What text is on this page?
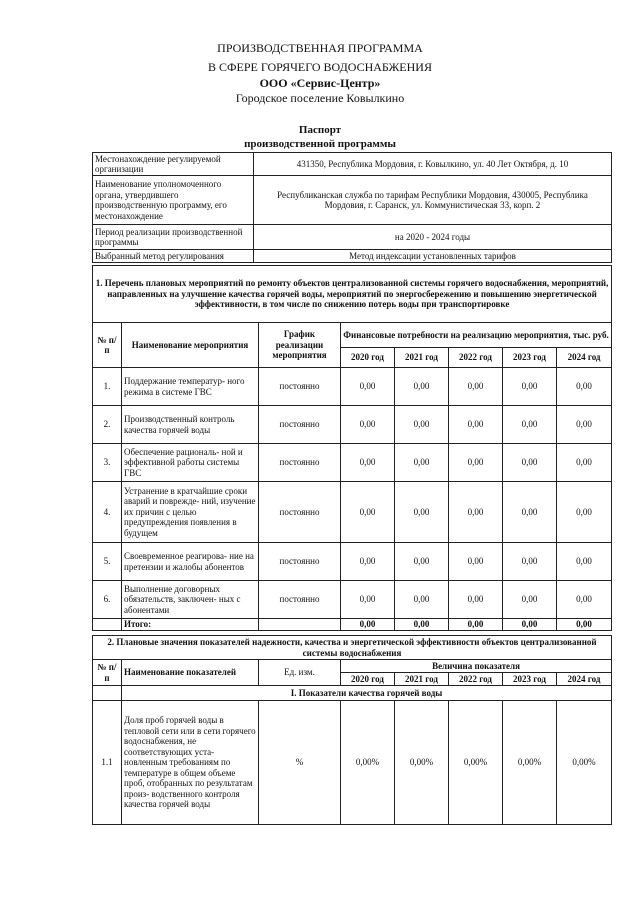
ПРОИЗВОДСТВЕННАЯ ПРОГРАММА
В СФЕРЕ ГОРЯЧЕГО ВОДОСНАБЖЕНИЯ
ООО «Сервис-Центр»
Городское поселение Ковылкино
Паспорт
производственной программы
Местонахождение регулируемой организации	431350, Республика Мордовия, г. Ковылкино, ул. 40 Лет Октября, д. 10
Наименование уполномоченного органа, утвердившего производственную программу, его местонахождение	Республиканская служба по тарифам Республики Мордовия, 430005, Республика Мордовия, г. Саранск, ул. Коммунистическая 33, корп. 2
Период реализации производственной программы	на 2020 - 2024 годы
Выбранный метод регулирования	Метод индексации установленных тарифов
1. Перечень плановых мероприятий по ремонту объектов централизованной системы горячего водоснабжения, мероприятий, направленных на улучшение качества горячей воды, мероприятий по энергосбережению и повышению энергетической эффективности, в том числе по снижению потерь воды при транспортировке							
№ п/п	Наименование мероприятия	График реализации мероприятия	Финансовые потребности на реализацию мероприятия, тыс. руб.				
			2020 год	2021 год	2022 год	2023 год	2024 год
1.	Поддержание температур- ного режима в системе ГВС	постоянно	0,00	0,00	0,00	0,00	0,00
2.	Производственный контроль качества горячей воды	постоянно	0,00	0,00	0,00	0,00	0,00
3.	Обеспечение рациональ- ной и эффективной работы системы ГВС	постоянно	0,00	0,00	0,00	0,00	0,00
4.	Устранение в кратчайшие сроки аварий и поврежде- ний, изучение их причин с целью предупреждения появления в будущем	постоянно	0,00	0,00	0,00	0,00	0,00
5.	Своевременное реагирова- ние на претензии и жалобы абонентов	постоянно	0,00	0,00	0,00	0,00	0,00
6.	Выполнение договорных обязательств, заключен- ных с абонентами	постоянно	0,00	0,00	0,00	0,00	0,00
	Итого:		0,00	0,00	0,00	0,00	0,00
2. Плановые значения показателей надежности, качества и энергетической эффективности объектов централизованной системы водоснабжения							
№ п/п	Наименование показателей	Ед. изм.	Величина показателя				
			2020 год	2021 год	2022 год	2023 год	2024 год
	I. Показатели качества горячей воды						
1.1	Доля проб горячей воды в тепловой сети или в сети горячего водоснабжения, не соответствующих уста- новленным требованиям по температуре в общем объеме проб, отобранных по результатам произ- водственного контроля качества горячей воды	%	0,00%	0,00%	0,00%	0,00%	0,00%
